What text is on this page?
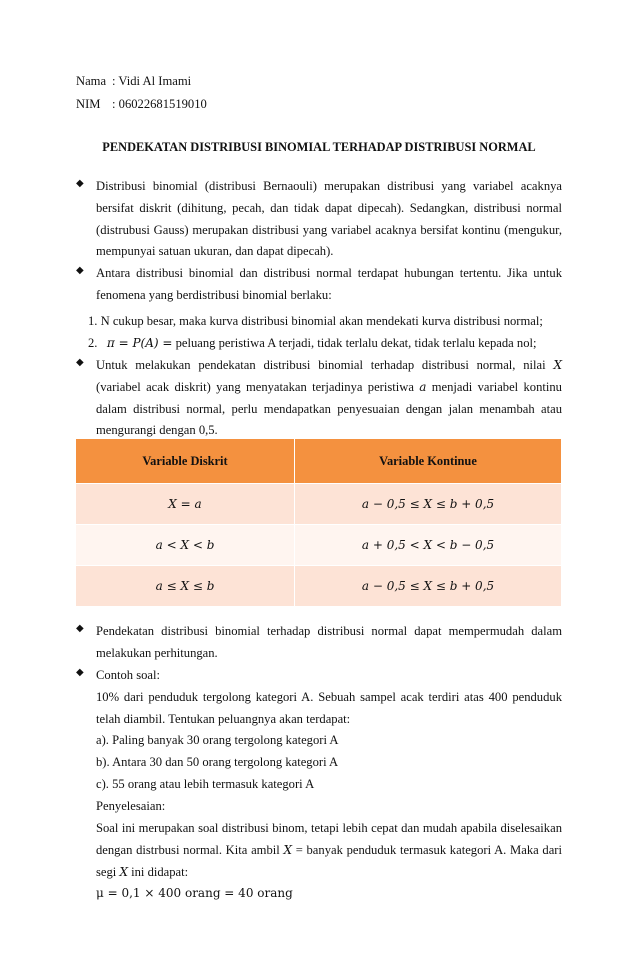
Nama : Vidi Al Imami
NIM : 06022681519010
PENDEKATAN DISTRIBUSI BINOMIAL TERHADAP DISTRIBUSI NORMAL
◆ Distribusi binomial (distribusi Bernaouli) merupakan distribusi yang variabel acaknya bersifat diskrit (dihitung, pecah, dan tidak dapat dipecah). Sedangkan, distribusi normal (distrubusi Gauss) merupakan distribusi yang variabel acaknya bersifat kontinu (mengukur, mempunyai satuan ukuran, dan dapat dipecah).

◆ Antara distribusi binomial dan distribusi normal terdapat hubungan tertentu. Jika untuk fenomena yang berdistribusi binomial berlaku:

1. N cukup besar, maka kurva distribusi binomial akan mendekati kurva distribusi normal;
2. π = P(A) = peluang peristiwa A terjadi, tidak terlalu dekat, tidak terlalu kepada nol;
◆ Untuk melakukan pendekatan distribusi binomial terhadap distribusi normal, nilai X (variabel acak diskrit) yang menyatakan terjadinya peristiwa a menjadi variabel kontinu dalam distribusi normal, perlu mendapatkan penyesuaian dengan jalan menambah atau mengurangi dengan 0,5.

Variable Diskrit	Variable Kontinue
X = a	a − 0,5 ≤ X ≤ b + 0,5
a < X < b	a + 0,5 < X < b − 0,5
a ≤ X ≤ b	a − 0,5 ≤ X ≤ b + 0,5
◆ Pendekatan distribusi binomial terhadap distribusi normal dapat mempermudah dalam melakukan perhitungan.

◆ Contoh soal:

10% dari penduduk tergolong kategori A. Sebuah sampel acak terdiri atas 400 penduduk telah diambil. Tentukan peluangnya akan terdapat:
a). Paling banyak 30 orang tergolong kategori A
b). Antara 30 dan 50 orang tergolong kategori A
c). 55 orang atau lebih termasuk kategori A
Penyelesaian:
Soal ini merupakan soal distribusi binom, tetapi lebih cepat dan mudah apabila diselesaikan dengan distrbusi normal. Kita ambil X = banyak penduduk termasuk kategori A. Maka dari segi X ini didapat:
μ = 0,1 × 400 orang = 40 orang
